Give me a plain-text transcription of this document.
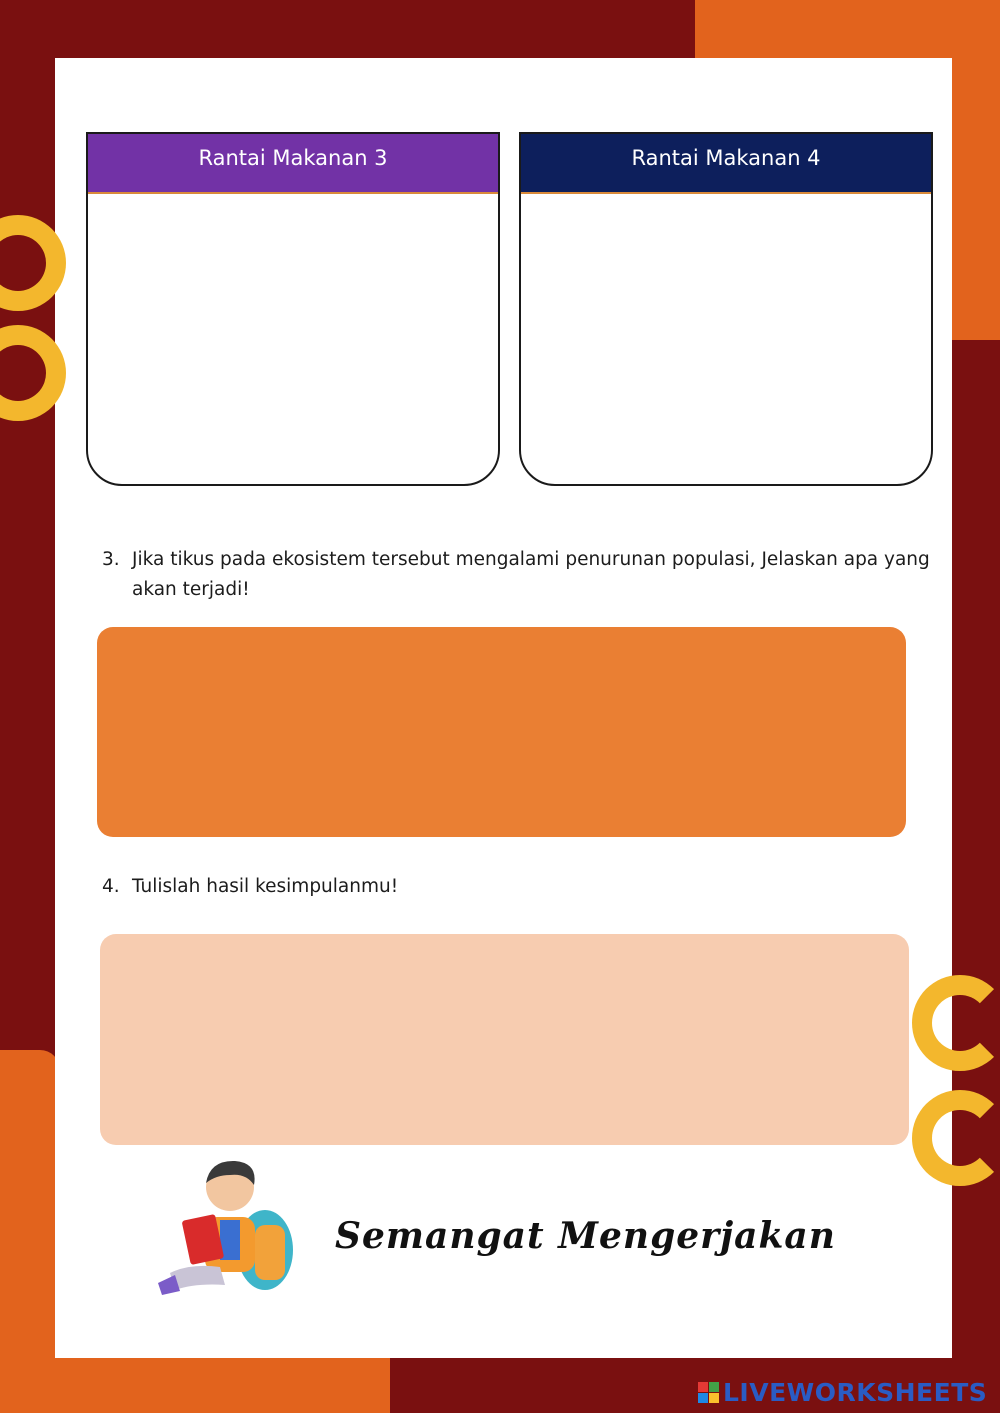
Rantai Makanan 3	Rantai Makanan 4
3. Jika tikus pada ekosistem tersebut mengalami penurunan populasi, Jelaskan apa yang akan terjadi!
4. Tulislah hasil kesimpulanmu!
Semangat Mengerjakan
LIVEWORKSHEETS
